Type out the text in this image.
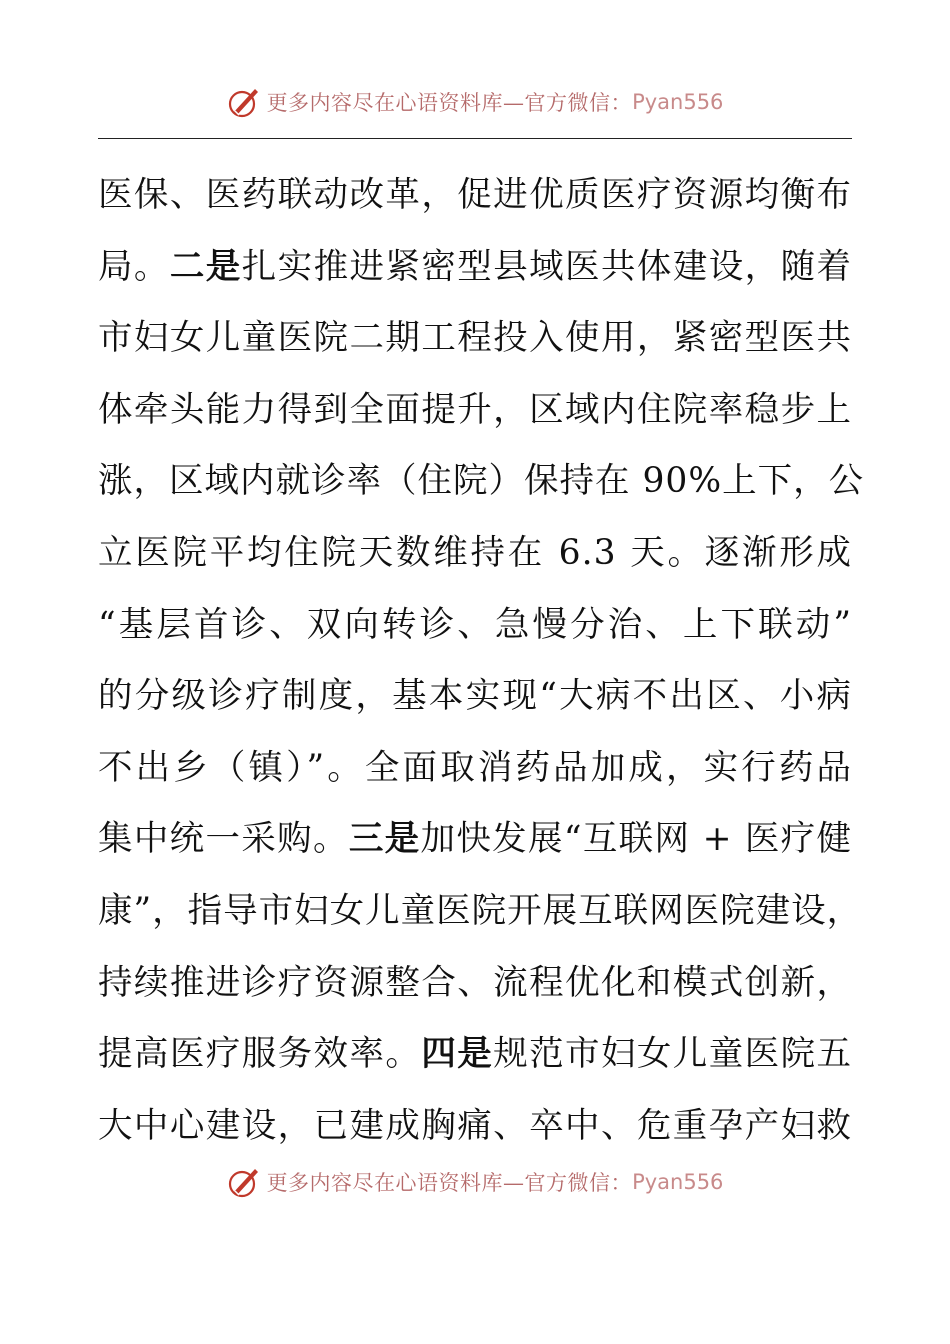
更多内容尽在心语资料库—官方微信： Pyan556
医保、医药联动改革，促进优质医疗资源均衡布
局。二是扎实推进紧密型县域医共体建设，随着
市妇女儿童医院二期工程投入使用，紧密型医共
体牵头能力得到全面提升，区域内住院率稳步上
涨，区域内就诊率（住院）保持在 90%上下，公
立医院平均住院天数维持在 6.3 天。逐渐形成
“基层首诊、双向转诊、急慢分治、上下联动”
的分级诊疗制度，基本实现“大病不出区、小病
不出乡（镇）”。全面取消药品加成，实行药品
集中统一采购。三是加快发展“互联网 + 医疗健
康”，指导市妇女儿童医院开展互联网医院建设，
持续推进诊疗资源整合、流程优化和模式创新，
提高医疗服务效率。四是规范市妇女儿童医院五
大中心建设，已建成胸痛、卒中、危重孕产妇救
更多内容尽在心语资料库—官方微信： Pyan556
